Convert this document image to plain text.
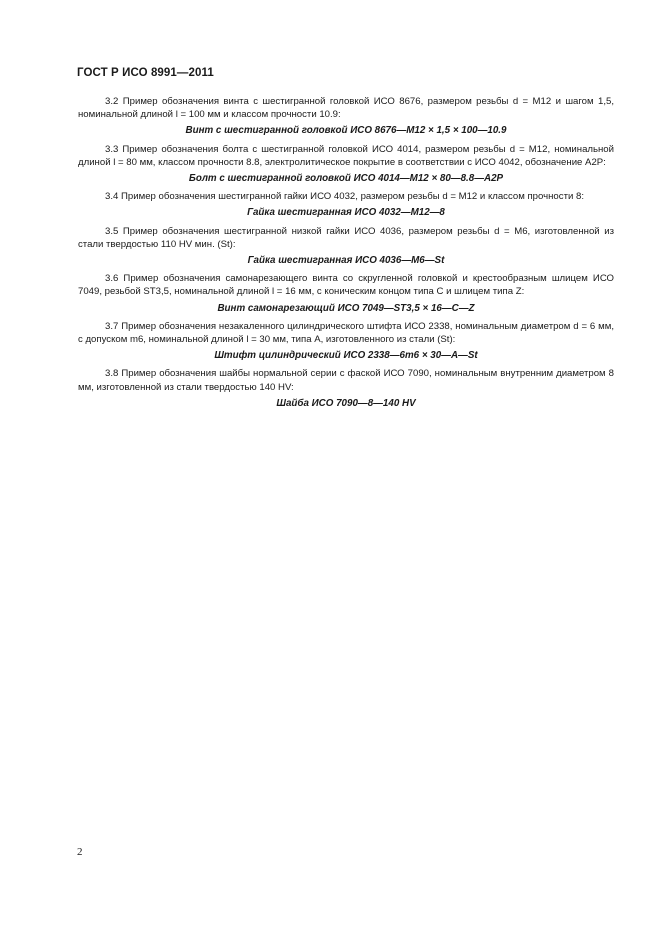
ГОСТ Р ИСО 8991—2011

3.2 Пример обозначения винта с шестигранной головкой ИСО 8676, размером резьбы d = М12 и шагом 1,5, номинальной длиной l = 100 мм и классом прочности 10.9:

Винт с шестигранной головкой ИСО 8676—М12 × 1,5 × 100—10.9

3.3 Пример обозначения болта с шестигранной головкой ИСО 4014, размером резьбы d = М12, номинальной длиной l = 80 мм, классом прочности 8.8, электролитическое покрытие в соответствии с ИСО 4042, обозначение A2P:

Болт с шестигранной головкой ИСО 4014—М12 × 80—8.8—A2P

3.4 Пример обозначения шестигранной гайки ИСО 4032, размером резьбы d = М12 и классом прочности 8:

Гайка шестигранная ИСО 4032—М12—8

3.5 Пример обозначения шестигранной низкой гайки ИСО 4036, размером резьбы d = М6, изготовленной из стали твердостью 110 HV мин. (St):

Гайка шестигранная ИСО 4036—М6—St

3.6 Пример обозначения самонарезающего винта со скругленной головкой и крестообразным шлицем ИСО 7049, резьбой ST3,5, номинальной длиной l = 16 мм, с коническим концом типа С и шлицем типа Z:

Винт самонарезающий ИСО 7049—ST3,5 × 16—С—Z

3.7 Пример обозначения незакаленного цилиндрического штифта ИСО 2338, номинальным диаметром d = 6 мм, с допуском m6, номинальной длиной l = 30 мм, типа А, изготовленного из стали (St):

Штифт цилиндрический ИСО 2338—6m6 × 30—А—St

3.8 Пример обозначения шайбы нормальной серии с фаской ИСО 7090, номинальным внутренним диаметром 8 мм, изготовленной из стали твердостью 140 HV:

Шайба ИСО 7090—8—140 HV
2
